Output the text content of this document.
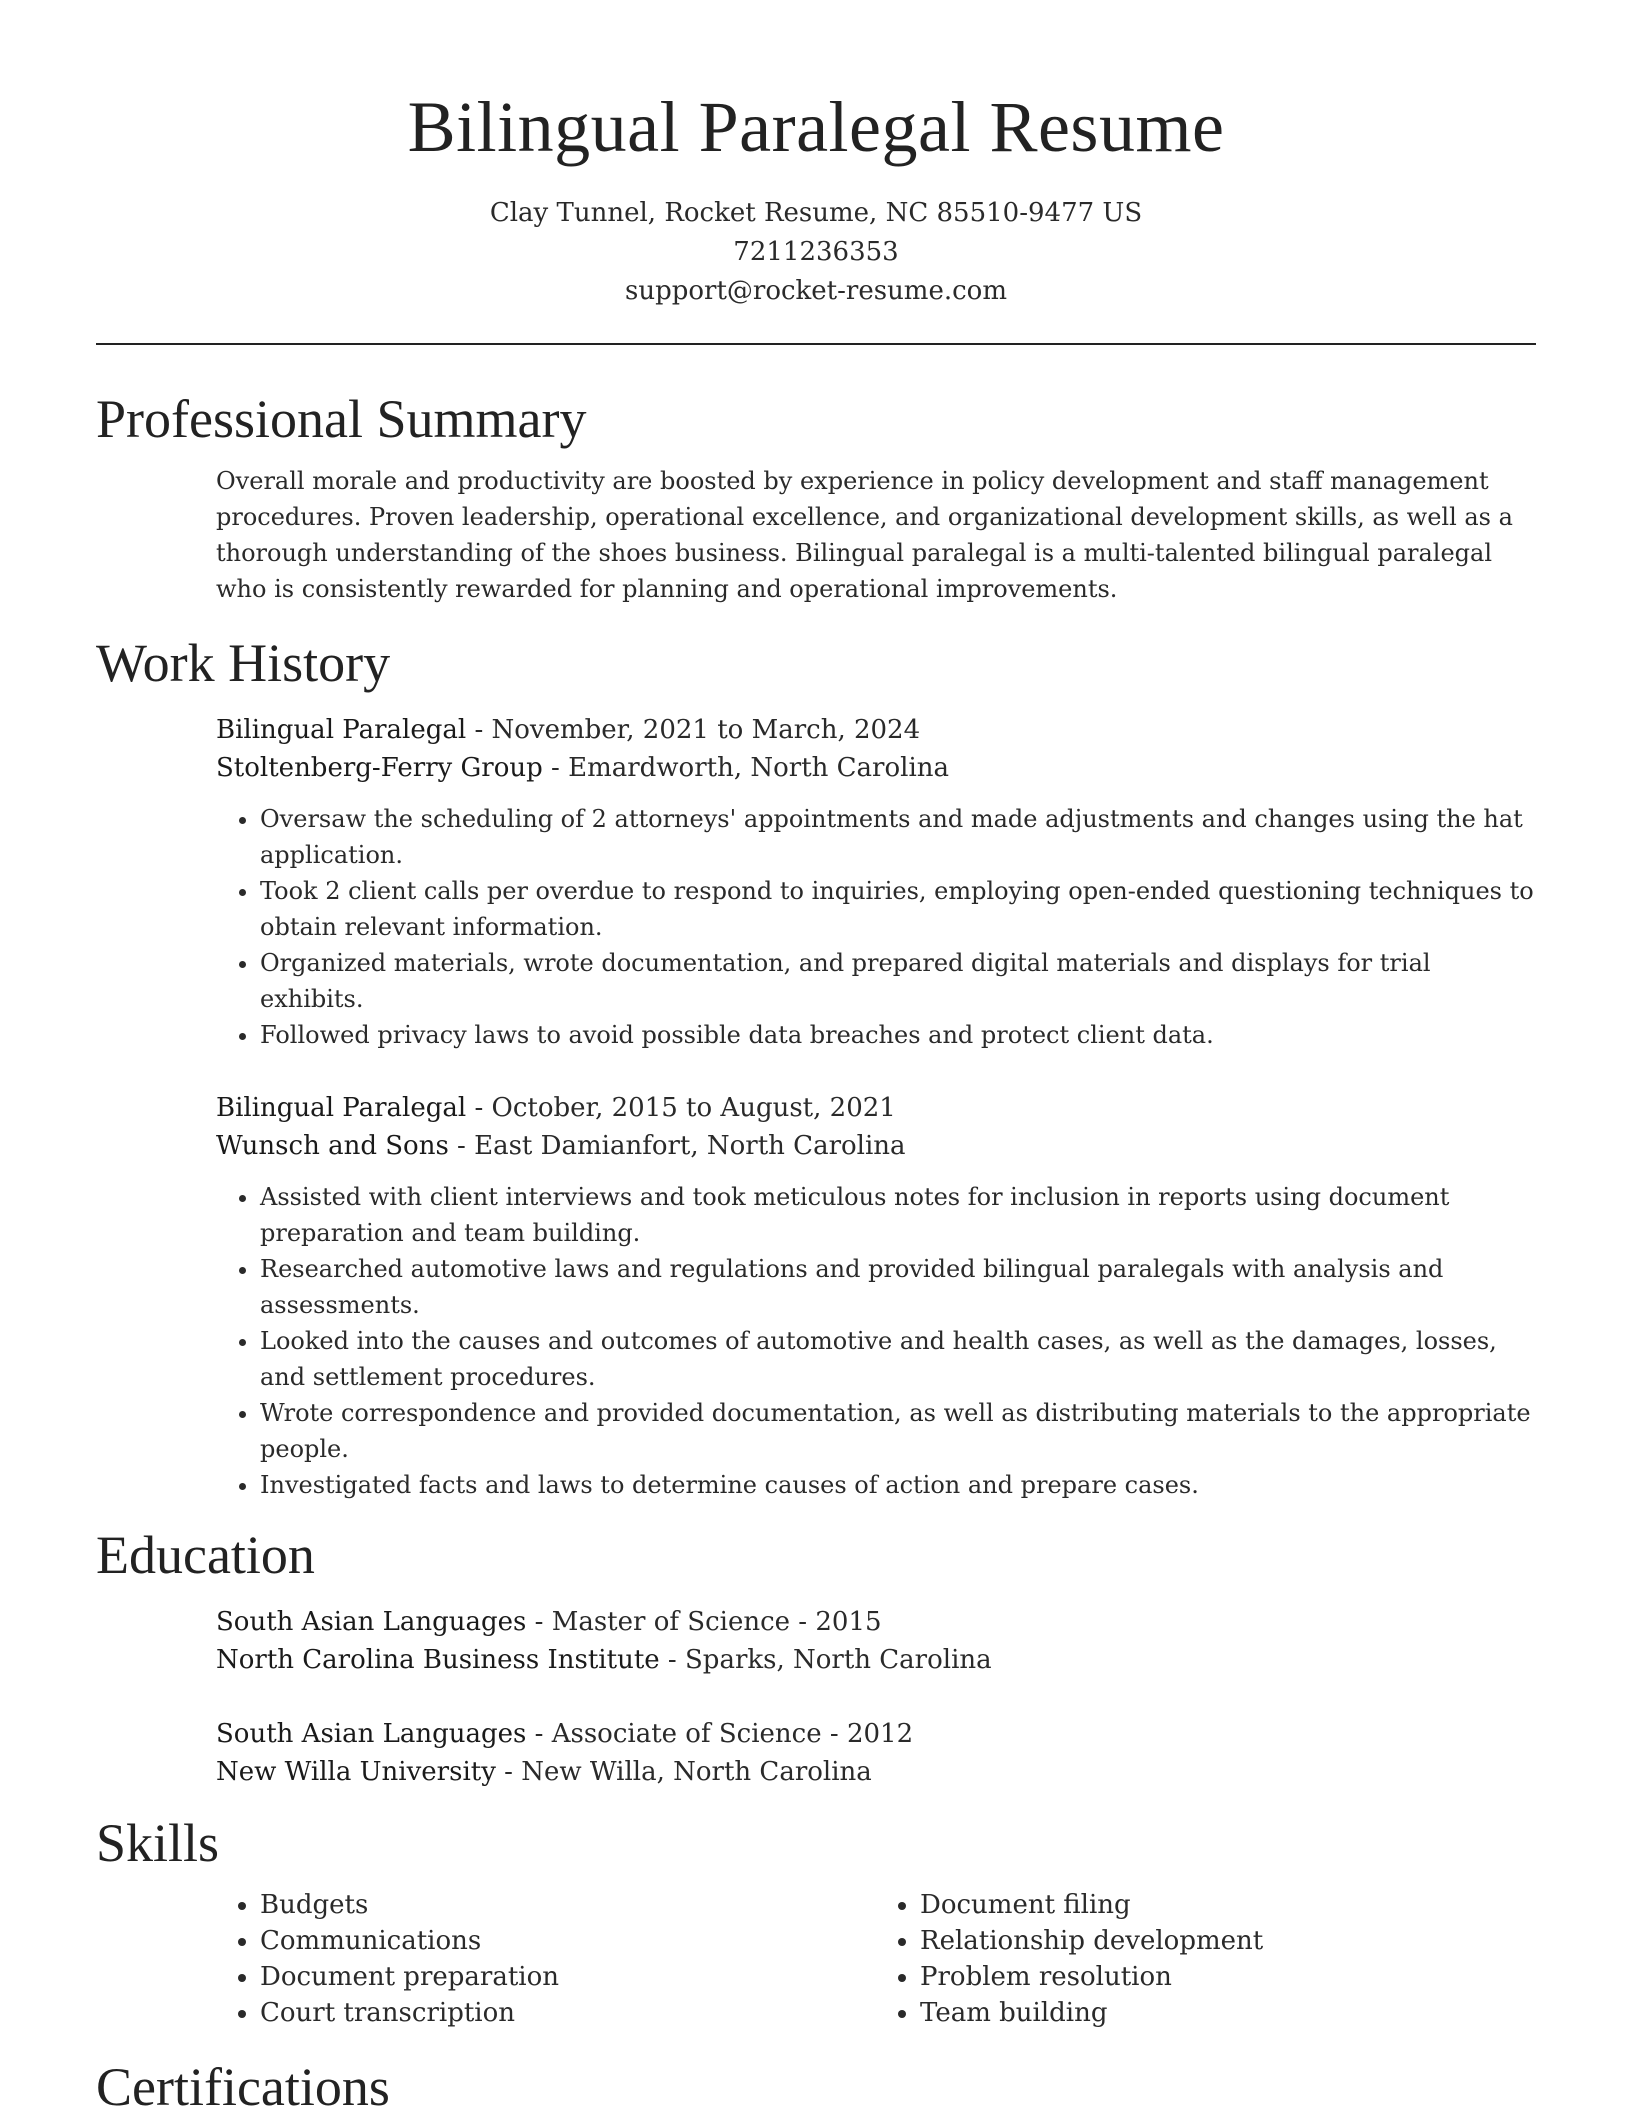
Bilingual Paralegal Resume
Clay Tunnel, Rocket Resume, NC 85510-9477 US
7211236353
support@rocket-resume.com
Professional Summary

Overall morale and productivity are boosted by experience in policy development and staff management procedures. Proven leadership, operational excellence, and organizational development skills, as well as a thorough understanding of the shoes business. Bilingual paralegal is a multi-talented bilingual paralegal who is consistently rewarded for planning and operational improvements.

Work History
Bilingual Paralegal - November, 2021 to March, 2024
Stoltenberg-Ferry Group - Emardworth, North Carolina
• Oversaw the scheduling of 2 attorneys' appointments and made adjustments and changes using the hat application.
• Took 2 client calls per overdue to respond to inquiries, employing open-ended questioning techniques to obtain relevant information.
• Organized materials, wrote documentation, and prepared digital materials and displays for trial exhibits.
• Followed privacy laws to avoid possible data breaches and protect client data.
Bilingual Paralegal - October, 2015 to August, 2021
Wunsch and Sons - East Damianfort, North Carolina
• Assisted with client interviews and took meticulous notes for inclusion in reports using document preparation and team building.
• Researched automotive laws and regulations and provided bilingual paralegals with analysis and assessments.
• Looked into the causes and outcomes of automotive and health cases, as well as the damages, losses, and settlement procedures.
• Wrote correspondence and provided documentation, as well as distributing materials to the appropriate people.
• Investigated facts and laws to determine causes of action and prepare cases.
Education
South Asian Languages - Master of Science - 2015
North Carolina Business Institute - Sparks, North Carolina
South Asian Languages - Associate of Science - 2012
New Willa University - New Willa, North Carolina
Skills
• Budgets
• Communications
• Document preparation
• Court transcription
• Document filing
• Relationship development
• Problem resolution
• Team building
Certifications
